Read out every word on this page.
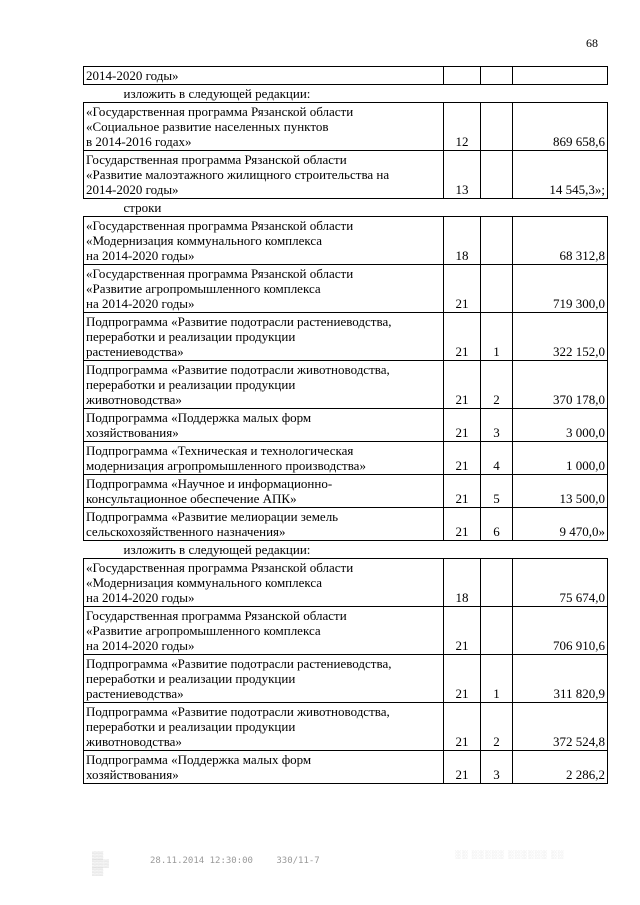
68
2014-2020 годы»			
изложить в следующей редакции:			
«Государственная программа Рязанской области
«Социальное развитие населенных пунктов
в 2014-2016 годах»	12		869 658,6
Государственная программа Рязанской области
«Развитие малоэтажного жилищного строительства на
2014-2020 годы»	13		14 545,3»;
строки			
«Государственная программа Рязанской области
«Модернизация коммунального комплекса
на 2014-2020 годы»	18		68 312,8
«Государственная программа Рязанской области
«Развитие агропромышленного комплекса
на 2014-2020 годы»	21		719 300,0
Подпрограмма «Развитие подотрасли растениеводства,
переработки и реализации продукции
растениеводства»	21	1	322 152,0
Подпрограмма «Развитие подотрасли животноводства,
переработки и реализации продукции
животноводства»	21	2	370 178,0
Подпрограмма «Поддержка малых форм
хозяйствования»	21	3	3 000,0
Подпрограмма «Техническая и технологическая
модернизация агропромышленного производства»	21	4	1 000,0
Подпрограмма «Научное и информационно-
консультационное обеспечение АПК»	21	5	13 500,0
Подпрограмма «Развитие мелиорации земель
сельскохозяйственного назначения»	21	6	9 470,0»
изложить в следующей редакции:			
«Государственная программа Рязанской области
«Модернизация коммунального комплекса
на 2014-2020 годы»	18		75 674,0
Государственная программа Рязанской области
«Развитие агропромышленного комплекса
на 2014-2020 годы»	21		706 910,6
Подпрограмма «Развитие подотрасли растениеводства,
переработки и реализации продукции
растениеводства»	21	1	311 820,9
Подпрограмма «Развитие подотрасли животноводства,
переработки и реализации продукции
животноводства»	21	2	372 524,8
Подпрограмма «Поддержка малых форм
хозяйствования»	21	3	2 286,2
▒▒
▒▒▒
▒▒
28.11.2014 12:30:00	330/11-7
░░ ░░░░░ ░░░░░░ ░░
